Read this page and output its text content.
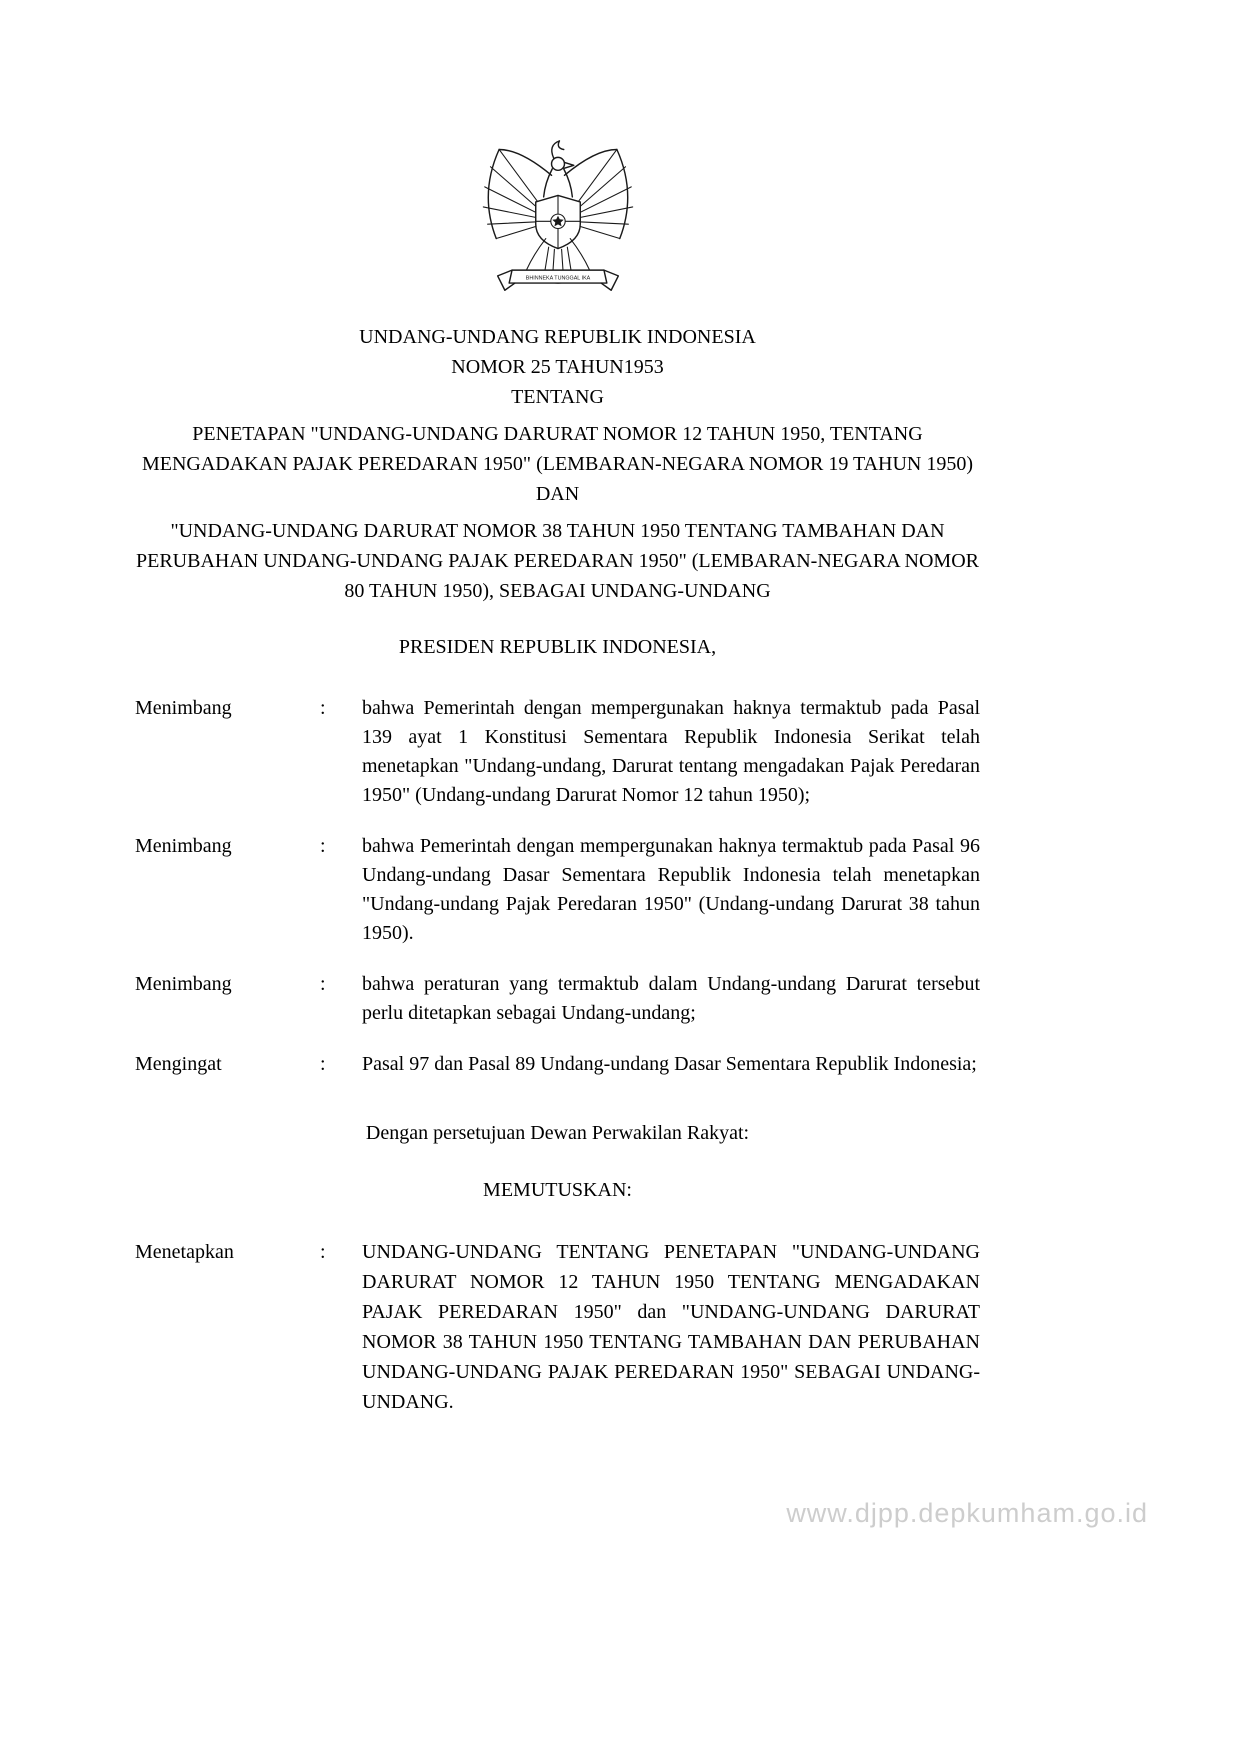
BHINNEKA TUNGGAL IKA
UNDANG-UNDANG REPUBLIK INDONESIA
NOMOR 25 TAHUN1953
TENTANG
PENETAPAN "UNDANG-UNDANG DARURAT NOMOR 12 TAHUN 1950, TENTANG MENGADAKAN PAJAK PEREDARAN 1950" (LEMBARAN-NEGARA NOMOR 19 TAHUN 1950) DAN
"UNDANG-UNDANG DARURAT NOMOR 38 TAHUN 1950 TENTANG TAMBAHAN DAN PERUBAHAN UNDANG-UNDANG PAJAK PEREDARAN 1950" (LEMBARAN-NEGARA NOMOR 80 TAHUN 1950), SEBAGAI UNDANG-UNDANG
PRESIDEN REPUBLIK INDONESIA,
Menimbang	:	bahwa Pemerintah dengan mempergunakan haknya termaktub pada Pasal 139 ayat 1 Konstitusi Sementara Republik Indonesia Serikat telah menetapkan "Undang-undang, Darurat tentang mengadakan Pajak Peredaran 1950" (Undang-undang Darurat Nomor 12 tahun 1950);
Menimbang	:	bahwa Pemerintah dengan mempergunakan haknya termaktub pada Pasal 96 Undang-undang Dasar Sementara Republik Indonesia telah menetapkan "Undang-undang Pajak Peredaran 1950" (Undang-undang Darurat 38 tahun 1950).
Menimbang	:	bahwa peraturan yang termaktub dalam Undang-undang Darurat tersebut perlu ditetapkan sebagai Undang-undang;
Mengingat	:	Pasal 97 dan Pasal 89 Undang-undang Dasar Sementara Republik Indonesia;
Dengan persetujuan Dewan Perwakilan Rakyat:
MEMUTUSKAN:
Menetapkan	:	UNDANG-UNDANG TENTANG PENETAPAN "UNDANG-UNDANG DARURAT NOMOR 12 TAHUN 1950 TENTANG MENGADAKAN PAJAK PEREDARAN 1950" dan "UNDANG-UNDANG DARURAT NOMOR 38 TAHUN 1950 TENTANG TAMBAHAN DAN PERUBAHAN UNDANG-UNDANG PAJAK PEREDARAN 1950" SEBAGAI UNDANG-UNDANG.
www.djpp.depkumham.go.id
